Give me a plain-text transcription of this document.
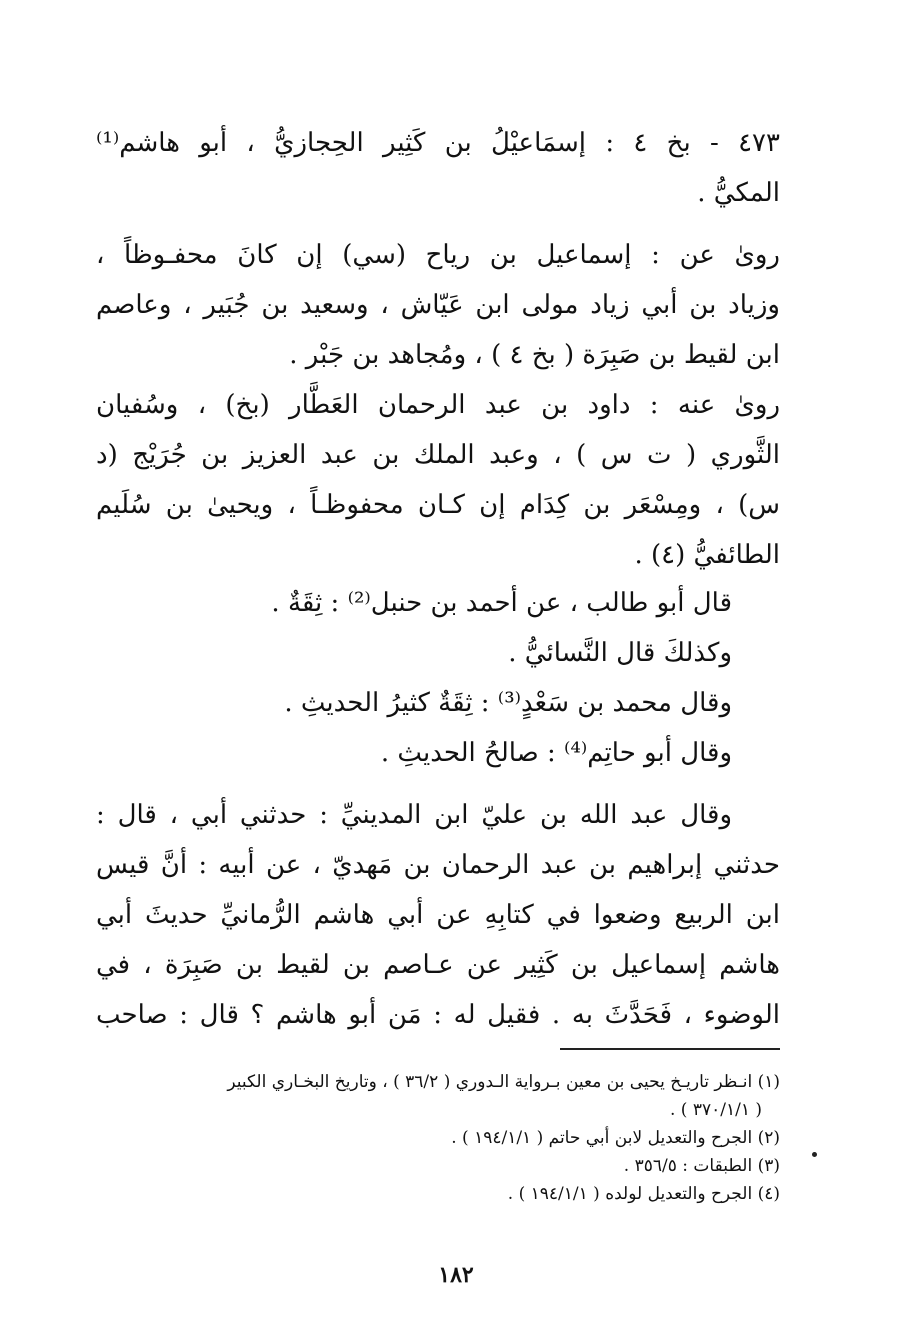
٤٧٣ - بخ ٤ : إسمَاعيْلُ بن كَثِير الحِجازيُّ ، أبو هاشم⁽¹⁾
المكيُّ .
روىٰ عن : إسماعيل بن رياح (سي) إن كانَ محفـوظاً ،
وزياد بن أبي زياد مولى ابن عَيّاش ، وسعيد بن جُبَير ، وعاصم
ابن لقيط بن صَبِرَة ( بخ ٤ ) ، ومُجاهد بن جَبْر .
روىٰ عنه : داود بن عبد الرحمان العَطَّار (بخ) ، وسُفيان
الثَّوري ( ت س ) ، وعبد الملك بن عبد العزيز بن جُرَيْج (د
س) ، ومِسْعَر بن كِدَام إن كـان محفوظـاً ، ويحيىٰ بن سُلَيم
الطائفيُّ (٤) .
قال أبو طالب ، عن أحمد بن حنبل⁽²⁾ : ثِقَةٌ .
وكذلكَ قال النَّسائيُّ .
وقال محمد بن سَعْدٍ⁽³⁾ : ثِقَةٌ كثيرُ الحديثِ .
وقال أبو حاتِم⁽⁴⁾ : صالحُ الحديثِ .
وقال عبد الله بن عليّ ابن المدينيِّ : حدثني أبي ، قال :
حدثني إبراهيم بن عبد الرحمان بن مَهديّ ، عن أبيه : أنَّ قيس
ابن الربيع وضعوا في كتابِهِ عن أبي هاشم الرُّمانيِّ حديثَ أبي
هاشم إسماعيل بن كَثِير عن عـاصم بن لقيط بن صَبِرَة ، في
الوضوء ، فَحَدَّثَ به . فقيل له : مَن أبو هاشم ؟ قال : صاحب
(١) انـظر تاريـخ يحيى بن معين بـرواية الـدوري ( ٣٦/٢ ) ، وتاريخ البخـاري الكبير
( ٣٧٠/١/١ ) .
(٢) الجرح والتعديل لابن أبي حاتم ( ١٩٤/١/١ ) .
(٣) الطبقات : ٣٥٦/٥ .
(٤) الجرح والتعديل لولده ( ١٩٤/١/١ ) .
١٨٢
